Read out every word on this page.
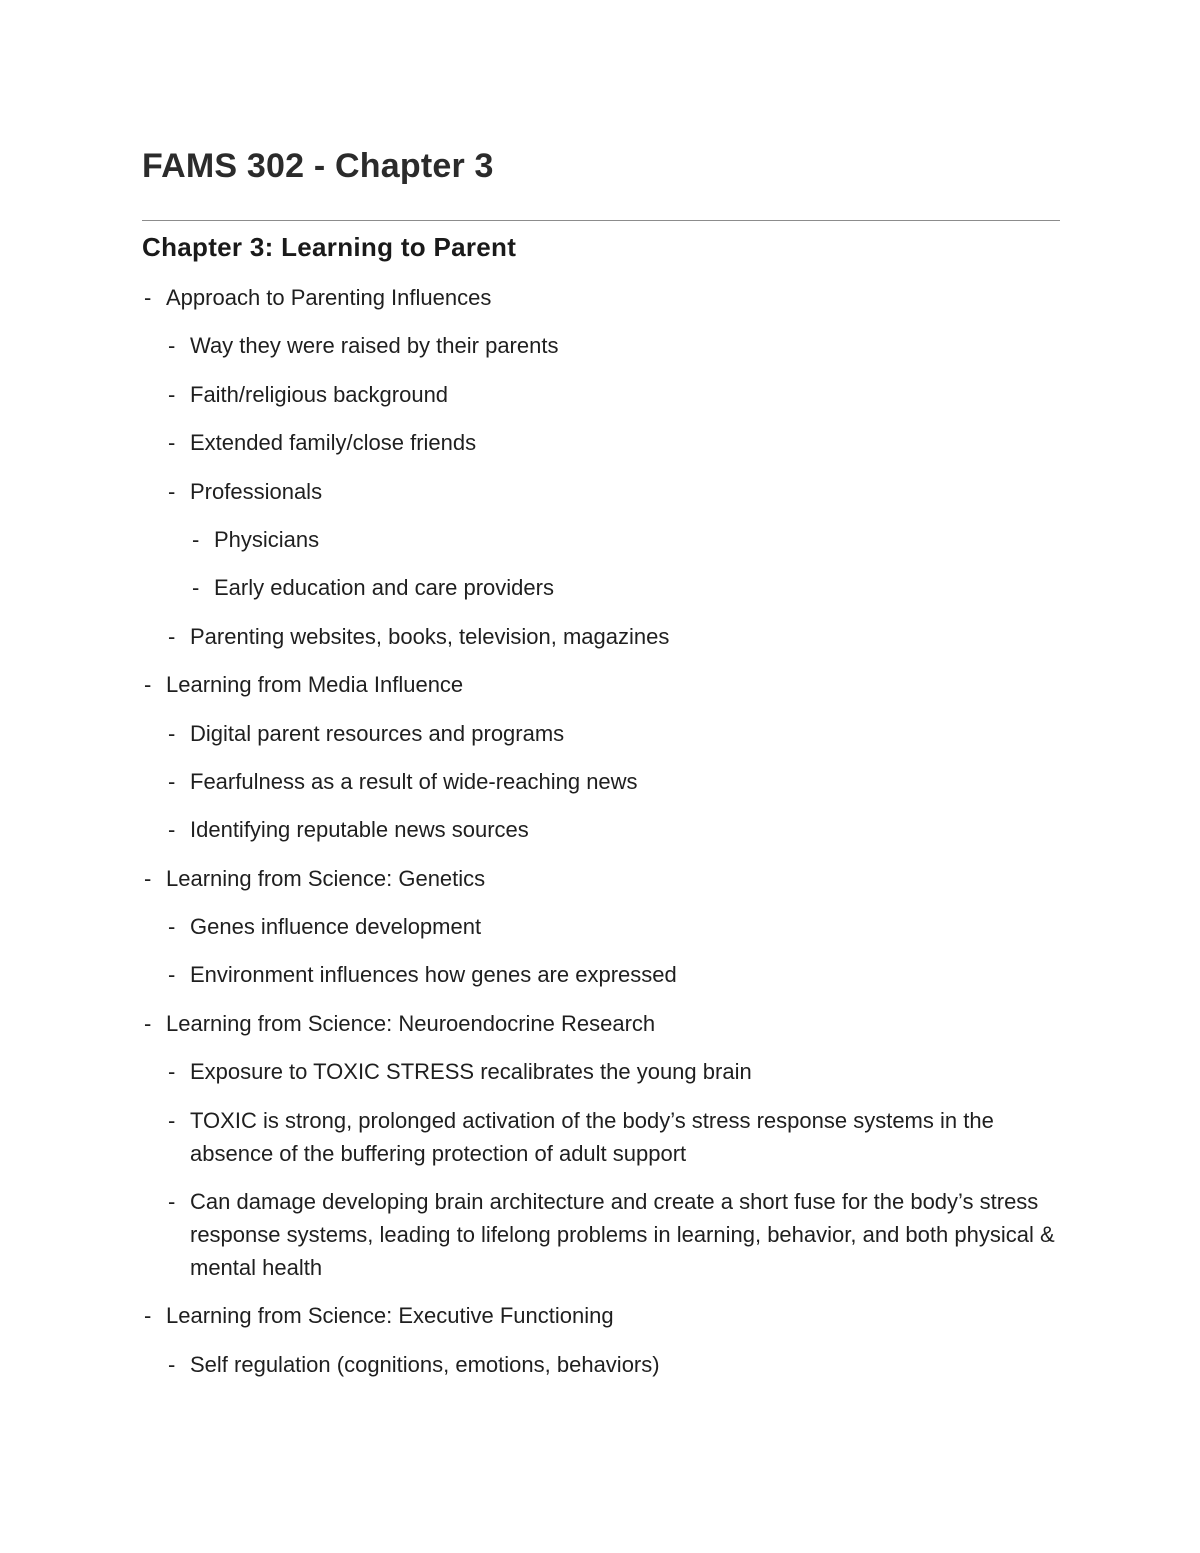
FAMS 302 - Chapter 3
Chapter 3: Learning to Parent
- Approach to Parenting Influences
- Way they were raised by their parents
- Faith/religious background
- Extended family/close friends
- Professionals
- Physicians
- Early education and care providers
- Parenting websites, books, television, magazines
- Learning from Media Influence
- Digital parent resources and programs
- Fearfulness as a result of wide-reaching news
- Identifying reputable news sources
- Learning from Science: Genetics
- Genes influence development
- Environment influences how genes are expressed
- Learning from Science: Neuroendocrine Research
- Exposure to TOXIC STRESS recalibrates the young brain
- TOXIC is strong, prolonged activation of the body’s stress response systems in the absence of the buffering protection of adult support
- Can damage developing brain architecture and create a short fuse for the body’s stress response systems, leading to lifelong problems in learning, behavior, and both physical & mental health
- Learning from Science: Executive Functioning
- Self regulation (cognitions, emotions, behaviors)
